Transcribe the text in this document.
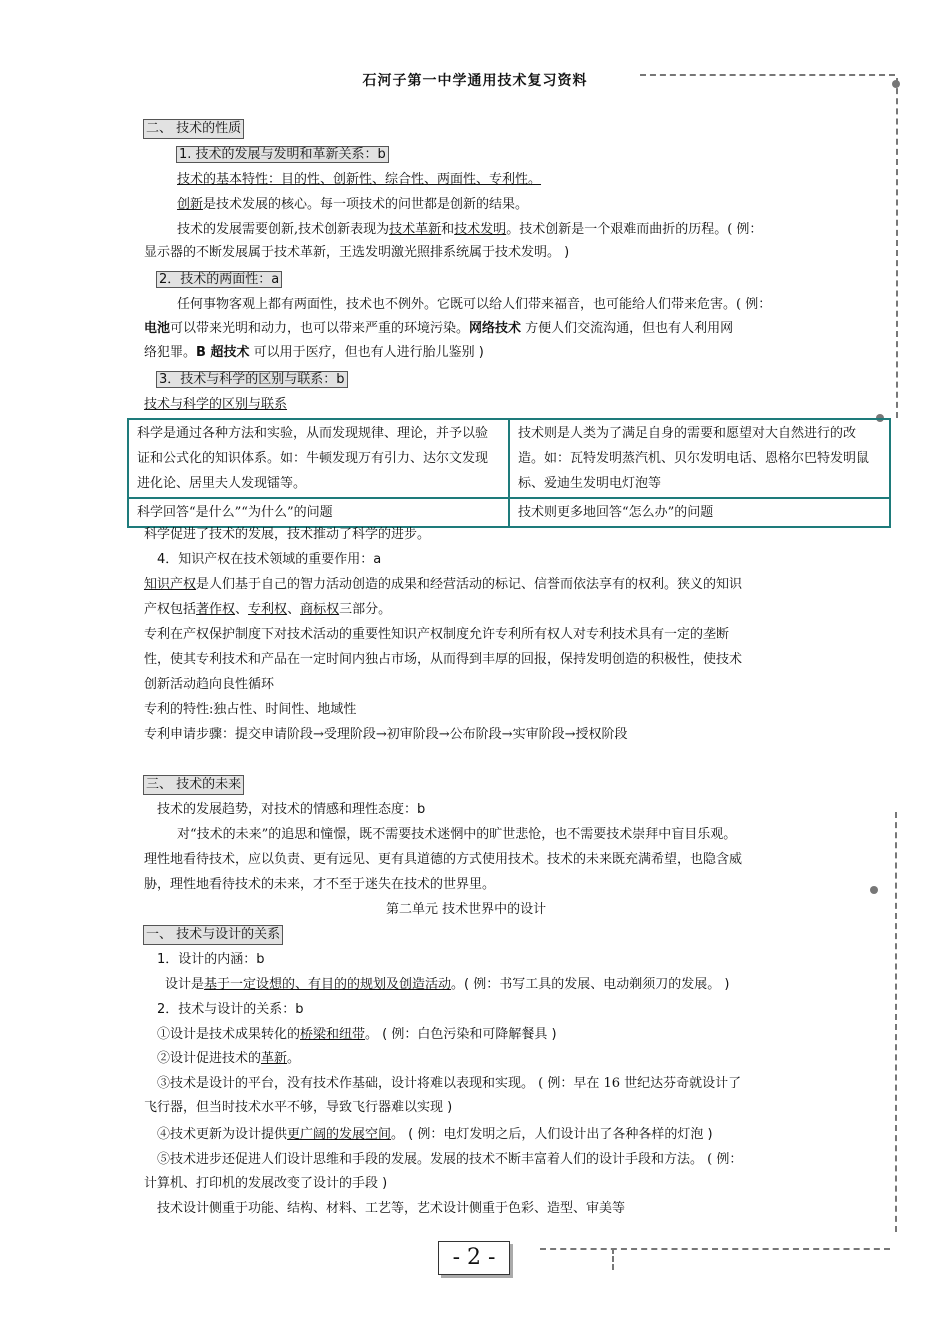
石河子第一中学通用技术复习资料
二、 技术的性质
1. 技术的发展与发明和革新关系：b
技术的基本特性：目的性、创新性、综合性、两面性、专利性。
创新是技术发展的核心。每一项技术的问世都是创新的结果。
技术的发展需要创新,技术创新表现为技术革新和技术发明。技术创新是一个艰难而曲折的历程。( 例：
显示器的不断发展属于技术革新，王选发明激光照排系统属于技术发明。 )
2．技术的两面性：a
任何事物客观上都有两面性，技术也不例外。它既可以给人们带来福音，也可能给人们带来危害。( 例：
电池可以带来光明和动力，也可以带来严重的环境污染。网络技术 方便人们交流沟通，但也有人利用网
络犯罪。B 超技术 可以用于医疗，但也有人进行胎儿鉴别 )
3．技术与科学的区别与联系：b
技术与科学的区别与联系
科学是通过各种方法和实验，从而发现规律、理论，并予以验证和公式化的知识体系。如：牛顿发现万有引力、达尔文发现进化论、居里夫人发现镭等。	技术则是人类为了满足自身的需要和愿望对大自然进行的改造。如：瓦特发明蒸汽机、贝尔发明电话、恩格尔巴特发明鼠标、爱迪生发明电灯泡等
科学回答“是什么”“为什么”的问题	技术则更多地回答“怎么办”的问题
科学促进了技术的发展，技术推动了科学的进步。
4．知识产权在技术领域的重要作用：a
知识产权是人们基于自己的智力活动创造的成果和经营活动的标记、信誉而依法享有的权利。狭义的知识
产权包括著作权、专利权、商标权三部分。
专利在产权保护制度下对技术活动的重要性知识产权制度允许专利所有权人对专利技术具有一定的垄断
性，使其专利技术和产品在一定时间内独占市场，从而得到丰厚的回报，保持发明创造的积极性，使技术
创新活动趋向良性循环
专利的特性:独占性、时间性、地域性
专利申请步骤：提交申请阶段→受理阶段→初审阶段→公布阶段→实审阶段→授权阶段
三、 技术的未来
技术的发展趋势，对技术的情感和理性态度：b
对“技术的未来”的追思和憧憬，既不需要技术迷惘中的旷世悲怆，也不需要技术崇拜中盲目乐观。
理性地看待技术，应以负责、更有远见、更有具道德的方式使用技术。技术的未来既充满希望，也隐含威
胁，理性地看待技术的未来，才不至于迷失在技术的世界里。
第二单元 技术世界中的设计
一、 技术与设计的关系
1．设计的内涵：b
设计是基于一定设想的、有目的的规划及创造活动。( 例：书写工具的发展、电动剃须刀的发展。 )
2．技术与设计的关系：b
①设计是技术成果转化的桥梁和纽带。 ( 例：白色污染和可降解餐具 )
②设计促进技术的革新。
③技术是设计的平台，没有技术作基础，设计将难以表现和实现。 ( 例：早在 16 世纪达芬奇就设计了
飞行器，但当时技术水平不够，导致飞行器难以实现 )
④技术更新为设计提供更广阔的发展空间。 ( 例：电灯发明之后，人们设计出了各种各样的灯泡 )
⑤技术进步还促进人们设计思维和手段的发展。发展的技术不断丰富着人们的设计手段和方法。 ( 例：
计算机、打印机的发展改变了设计的手段 )
技术设计侧重于功能、结构、材料、工艺等，艺术设计侧重于色彩、造型、审美等
- 2 -
